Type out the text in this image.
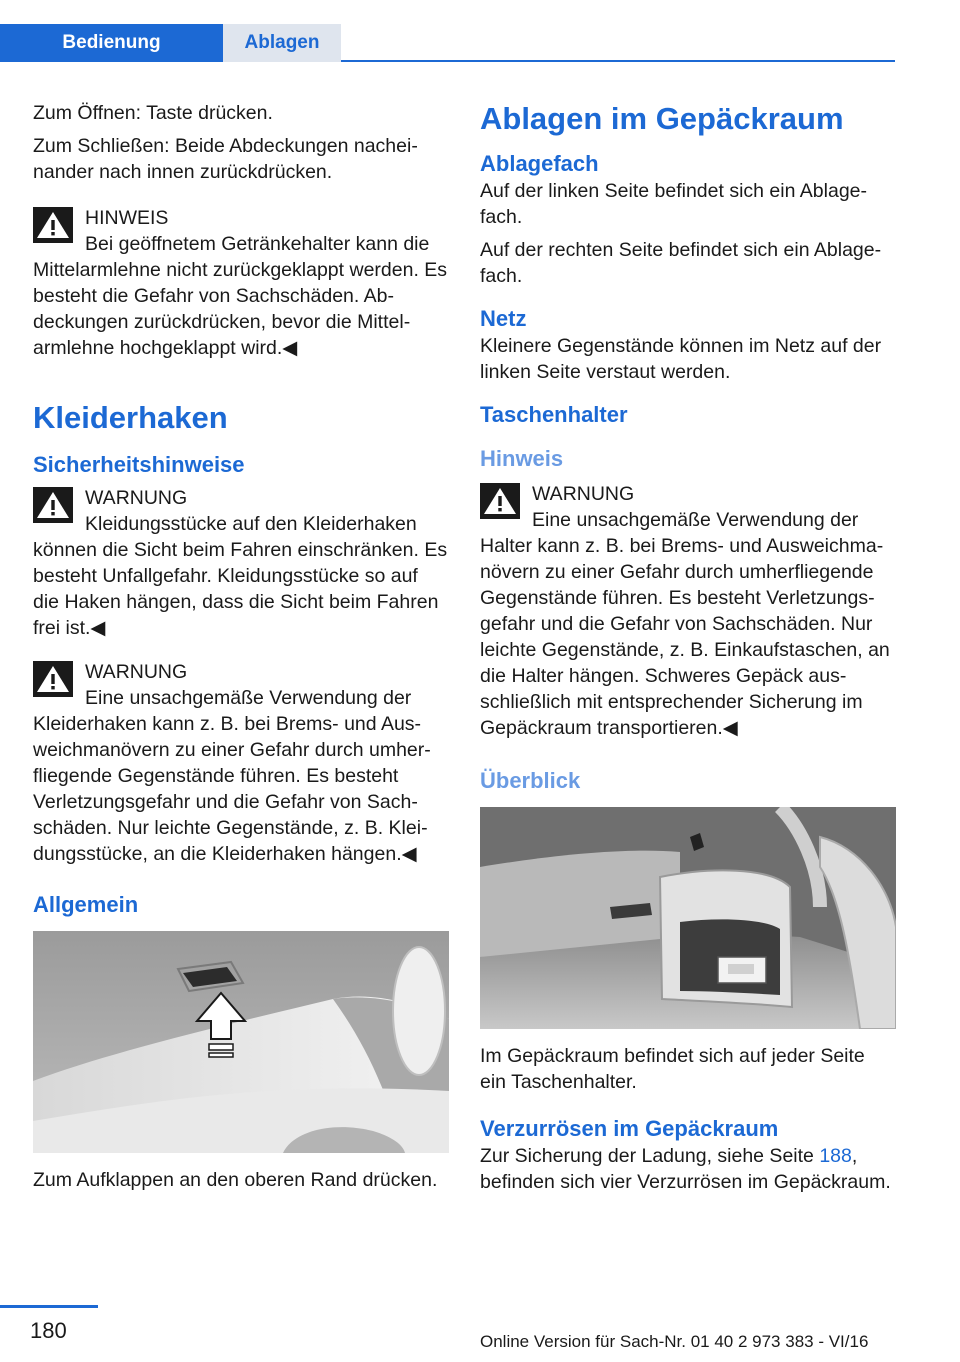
Bedienung	Ablagen

Zum Öffnen: Taste drücken.

Zum Schließen: Beide Abdeckungen nacheinander nach innen zurückdrücken.

HINWEIS
Bei geöffnetem Getränkehalter kann die
Mittelarmlehne nicht zurückgeklappt werden. Es besteht die Gefahr von Sachschäden. Abdeckungen zurückdrücken, bevor die Mittelarmlehne hochgeklappt wird.◀
Kleiderhaken
Sicherheitshinweise
WARNUNG
Kleidungsstücke auf den Kleiderhaken
können die Sicht beim Fahren einschränken. Es besteht Unfallgefahr. Kleidungsstücke so auf die Haken hängen, dass die Sicht beim Fahren frei ist.◀
WARNUNG
Eine unsachgemäße Verwendung der
Kleiderhaken kann z. B. bei Brems- und Ausweichmanövern zu einer Gefahr durch umherfliegende Gegenstände führen. Es besteht Verletzungsgefahr und die Gefahr von Sachschäden. Nur leichte Gegenstände, z. B. Kleidungsstücke, an die Kleiderhaken hängen.◀
Allgemein

Zum Aufklappen an den oberen Rand drücken.

Ablagen im Gepäckraum
Ablagefach

Auf der linken Seite befindet sich ein Ablagefach.

Auf der rechten Seite befindet sich ein Ablagefach.

Netz

Kleinere Gegenstände können im Netz auf der linken Seite verstaut werden.

Taschenhalter
Hinweis
WARNUNG
Eine unsachgemäße Verwendung der
Halter kann z. B. bei Brems- und Ausweichmanövern zu einer Gefahr durch umherfliegende Gegenstände führen. Es besteht Verletzungsgefahr und die Gefahr von Sachschäden. Nur leichte Gegenstände, z. B. Einkaufstaschen, an die Halter hängen. Schweres Gepäck ausschließlich mit entsprechender Sicherung im Gepäckraum transportieren.◀
Überblick

Im Gepäckraum befindet sich auf jeder Seite ein Taschenhalter.

Verzurrösen im Gepäckraum

Zur Sicherung der Ladung, siehe Seite 188, befinden sich vier Verzurrösen im Gepäckraum.

180	Online Version für Sach-Nr. 01 40 2 973 383 - VI/16
